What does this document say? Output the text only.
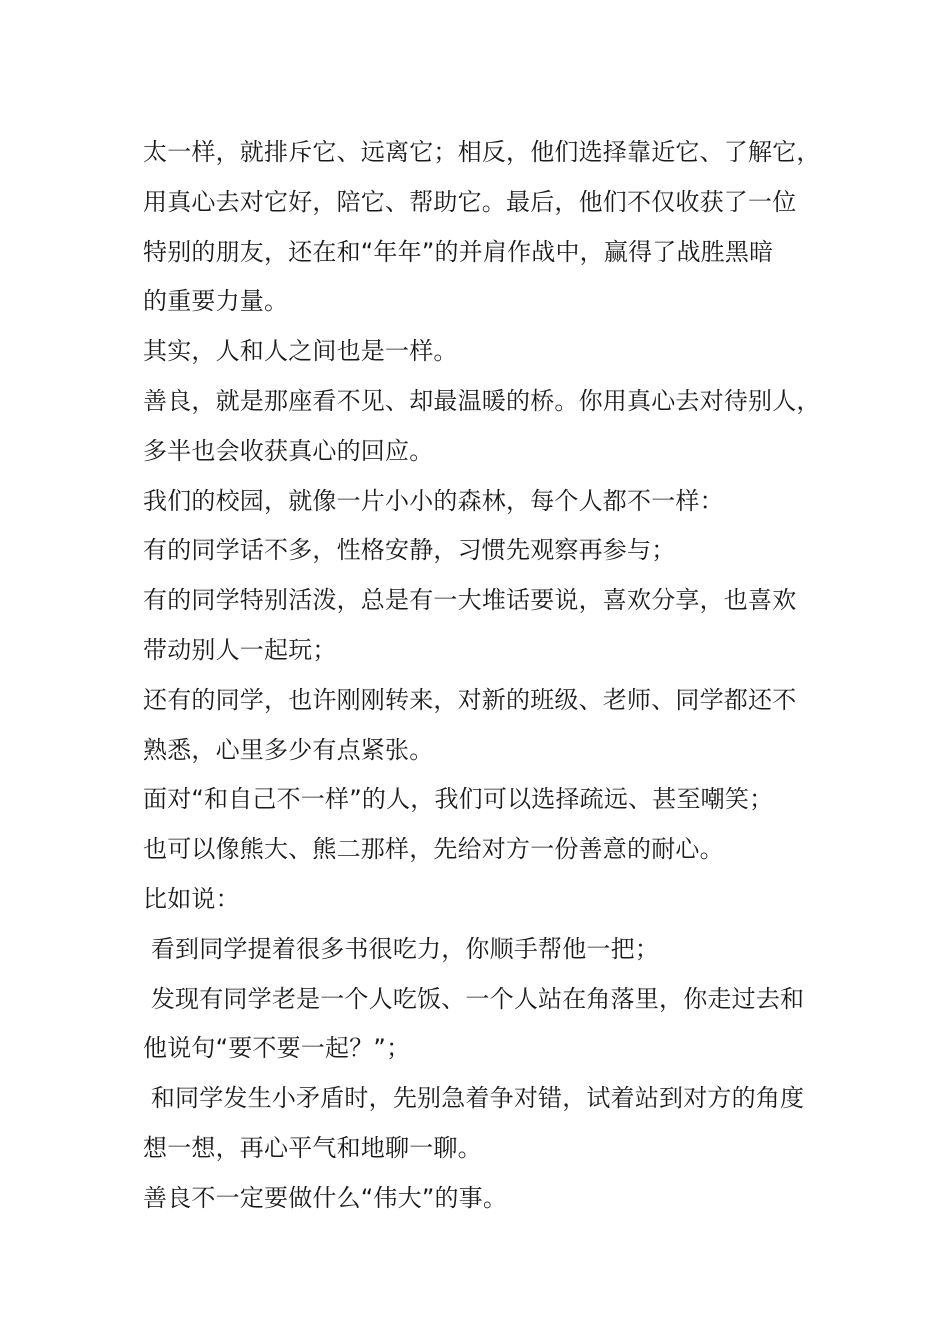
太一样，就排斥它、远离它；相反，他们选择靠近它、了解它，
用真心去对它好，陪它、帮助它。最后，他们不仅收获了一位
特别的朋友，还在和“年年”的并肩作战中，赢得了战胜黑暗
的重要力量。
其实，人和人之间也是一样。
善良，就是那座看不见、却最温暖的桥。你用真心去对待别人，
多半也会收获真心的回应。
我们的校园，就像一片小小的森林，每个人都不一样：
有的同学话不多，性格安静，习惯先观察再参与；
有的同学特别活泼，总是有一大堆话要说，喜欢分享，也喜欢
带动别人一起玩；
还有的同学，也许刚刚转来，对新的班级、老师、同学都还不
熟悉，心里多少有点紧张。
面对“和自己不一样”的人，我们可以选择疏远、甚至嘲笑；
也可以像熊大、熊二那样，先给对方一份善意的耐心。
比如说：
看到同学提着很多书很吃力，你顺手帮他一把；
发现有同学老是一个人吃饭、一个人站在角落里，你走过去和
他说句“要不要一起？”；
和同学发生小矛盾时，先别急着争对错，试着站到对方的角度
想一想，再心平气和地聊一聊。
善良不一定要做什么“伟大”的事。
